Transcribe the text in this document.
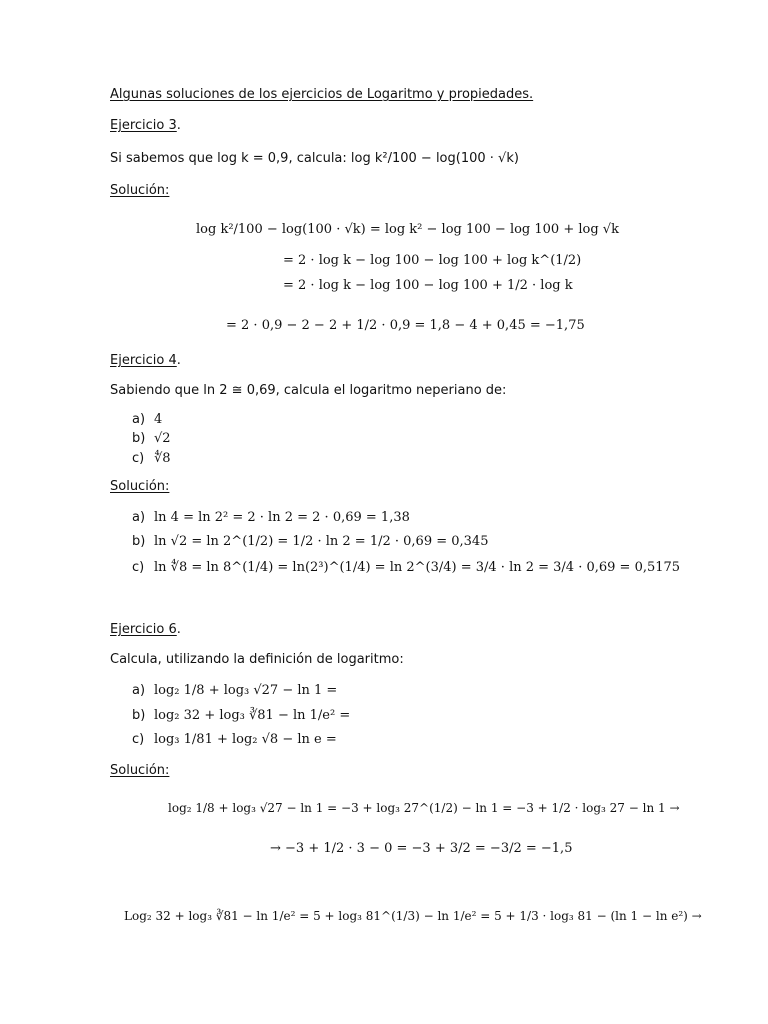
Algunas soluciones de los ejercicios de Logaritmo y propiedades.
Ejercicio 3.
Si sabemos que log k = 0,9, calcula: log k²/100 − log(100 · √k)
Solución:
log k²/100 − log(100 · √k) = log k² − log 100 − log 100 + log √k
= 2 · log k − log 100 − log 100 + log k^(1/2)
= 2 · log k − log 100 − log 100 + 1/2 · log k
= 2 · 0,9 − 2 − 2 + 1/2 · 0,9 = 1,8 − 4 + 0,45 = −1,75
Ejercicio 4.
Sabiendo que ln 2 ≅ 0,69, calcula el logaritmo neperiano de:
a) 4
b) √2
c) ∜8
Solución:
a) ln 4 = ln 2² = 2 · ln 2 = 2 · 0,69 = 1,38
b) ln √2 = ln 2^(1/2) = 1/2 · ln 2 = 1/2 · 0,69 = 0,345
c) ln ∜8 = ln 8^(1/4) = ln(2³)^(1/4) = ln 2^(3/4) = 3/4 · ln 2 = 3/4 · 0,69 = 0,5175
Ejercicio 6.
Calcula, utilizando la definición de logaritmo:
a) log₂ 1/8 + log₃ √27 − ln 1 =
b) log₂ 32 + log₃ ∛81 − ln 1/e² =
c) log₃ 1/81 + log₂ √8 − ln e =
Solución:
log₂ 1/8 + log₃ √27 − ln 1 = −3 + log₃ 27^(1/2) − ln 1 = −3 + 1/2 · log₃ 27 − ln 1 →
→ −3 + 1/2 · 3 − 0 = −3 + 3/2 = −3/2 = −1,5
Log₂ 32 + log₃ ∛81 − ln 1/e² = 5 + log₃ 81^(1/3) − ln 1/e² = 5 + 1/3 · log₃ 81 − (ln 1 − ln e²) →
